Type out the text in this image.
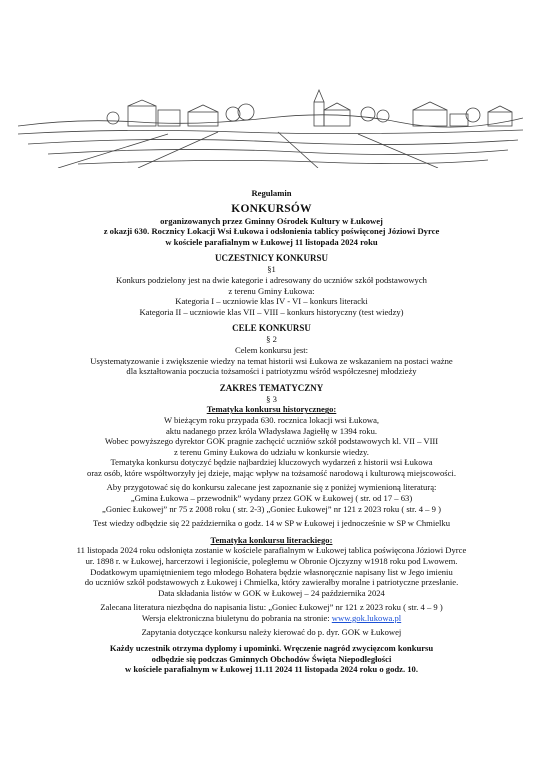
Regulamin

KONKURSÓW

organizowanych przez Gminny Ośrodek Kultury w Łukowej

z okazji 630. Rocznicy Lokacji Wsi Łukowa i odsłonienia tablicy poświęconej Józiowi Dyrce

w kościele parafialnym w Łukowej 11 listopada 2024 roku

UCZESTNICY KONKURSU

§1

Konkurs podzielony jest na dwie kategorie i adresowany do uczniów szkół podstawowych

z terenu Gminy Łukowa:

Kategoria I – uczniowie klas IV - VI – konkurs literacki

Kategoria II – uczniowie klas VII – VIII – konkurs historyczny (test wiedzy)

CELE KONKURSU

§ 2

Celem konkursu jest:

Usystematyzowanie i zwiększenie wiedzy na temat historii wsi Łukowa ze wskazaniem na postaci ważne

dla kształtowania poczucia tożsamości i patriotyzmu wśród współczesnej młodzieży

ZAKRES TEMATYCZNY

§ 3

Tematyka konkursu historycznego:

W bieżącym roku przypada 630. rocznica lokacji wsi Łukowa,

aktu nadanego przez króla Władysława Jagiełłę w 1394 roku.

Wobec powyższego dyrektor GOK pragnie zachęcić uczniów szkół podstawowych kl. VII – VIII

z terenu Gminy Łukowa do udziału w konkursie wiedzy.

Tematyka konkursu dotyczyć będzie najbardziej kluczowych wydarzeń z historii wsi Łukowa

oraz osób, które współtworzyły jej dzieje, mając wpływ na tożsamość narodową i kulturową miejscowości.

Aby przygotować się do konkursu zalecane jest zapoznanie się z poniżej wymienioną literaturą:

„Gmina Łukowa – przewodnik” wydany przez GOK w Łukowej ( str. od 17 – 63)

„Goniec Łukowej” nr 75 z 2008 roku ( str. 2-3) „Goniec Łukowej” nr 121 z 2023 roku ( str. 4 – 9 )

Test wiedzy odbędzie się 22 października o godz. 14 w SP w Łukowej i jednocześnie w SP w Chmielku

Tematyka konkursu literackiego:

11 listopada 2024 roku odsłonięta zostanie w kościele parafialnym w Łukowej tablica poświęcona Józiowi Dyrce

ur. 1898 r. w Łukowej, harcerzowi i legioniście, poległemu w Obronie Ojczyzny w1918 roku pod Lwowem.

Dodatkowym upamiętnieniem tego młodego Bohatera będzie własnoręcznie napisany list w Jego imieniu

do uczniów szkół podstawowych z Łukowej i Chmielka, który zawierałby moralne i patriotyczne przesłanie.

Data składania listów w GOK w Łukowej – 24 października 2024

Zalecana literatura niezbędna do napisania listu: „Goniec Łukowej” nr 121 z 2023 roku ( str. 4 – 9 )

Wersja elektroniczna biuletynu do pobrania na stronie: www.gok.lukowa.pl

Zapytania dotyczące konkursu należy kierować do p. dyr. GOK w Łukowej

Każdy uczestnik otrzyma dyplomy i upominki. Wręczenie nagród zwycięzcom konkursu

odbędzie się podczas Gminnych Obchodów Święta Niepodległości

w kościele parafialnym w Łukowej 11.11 2024 11 listopada 2024 roku o godz. 10.
